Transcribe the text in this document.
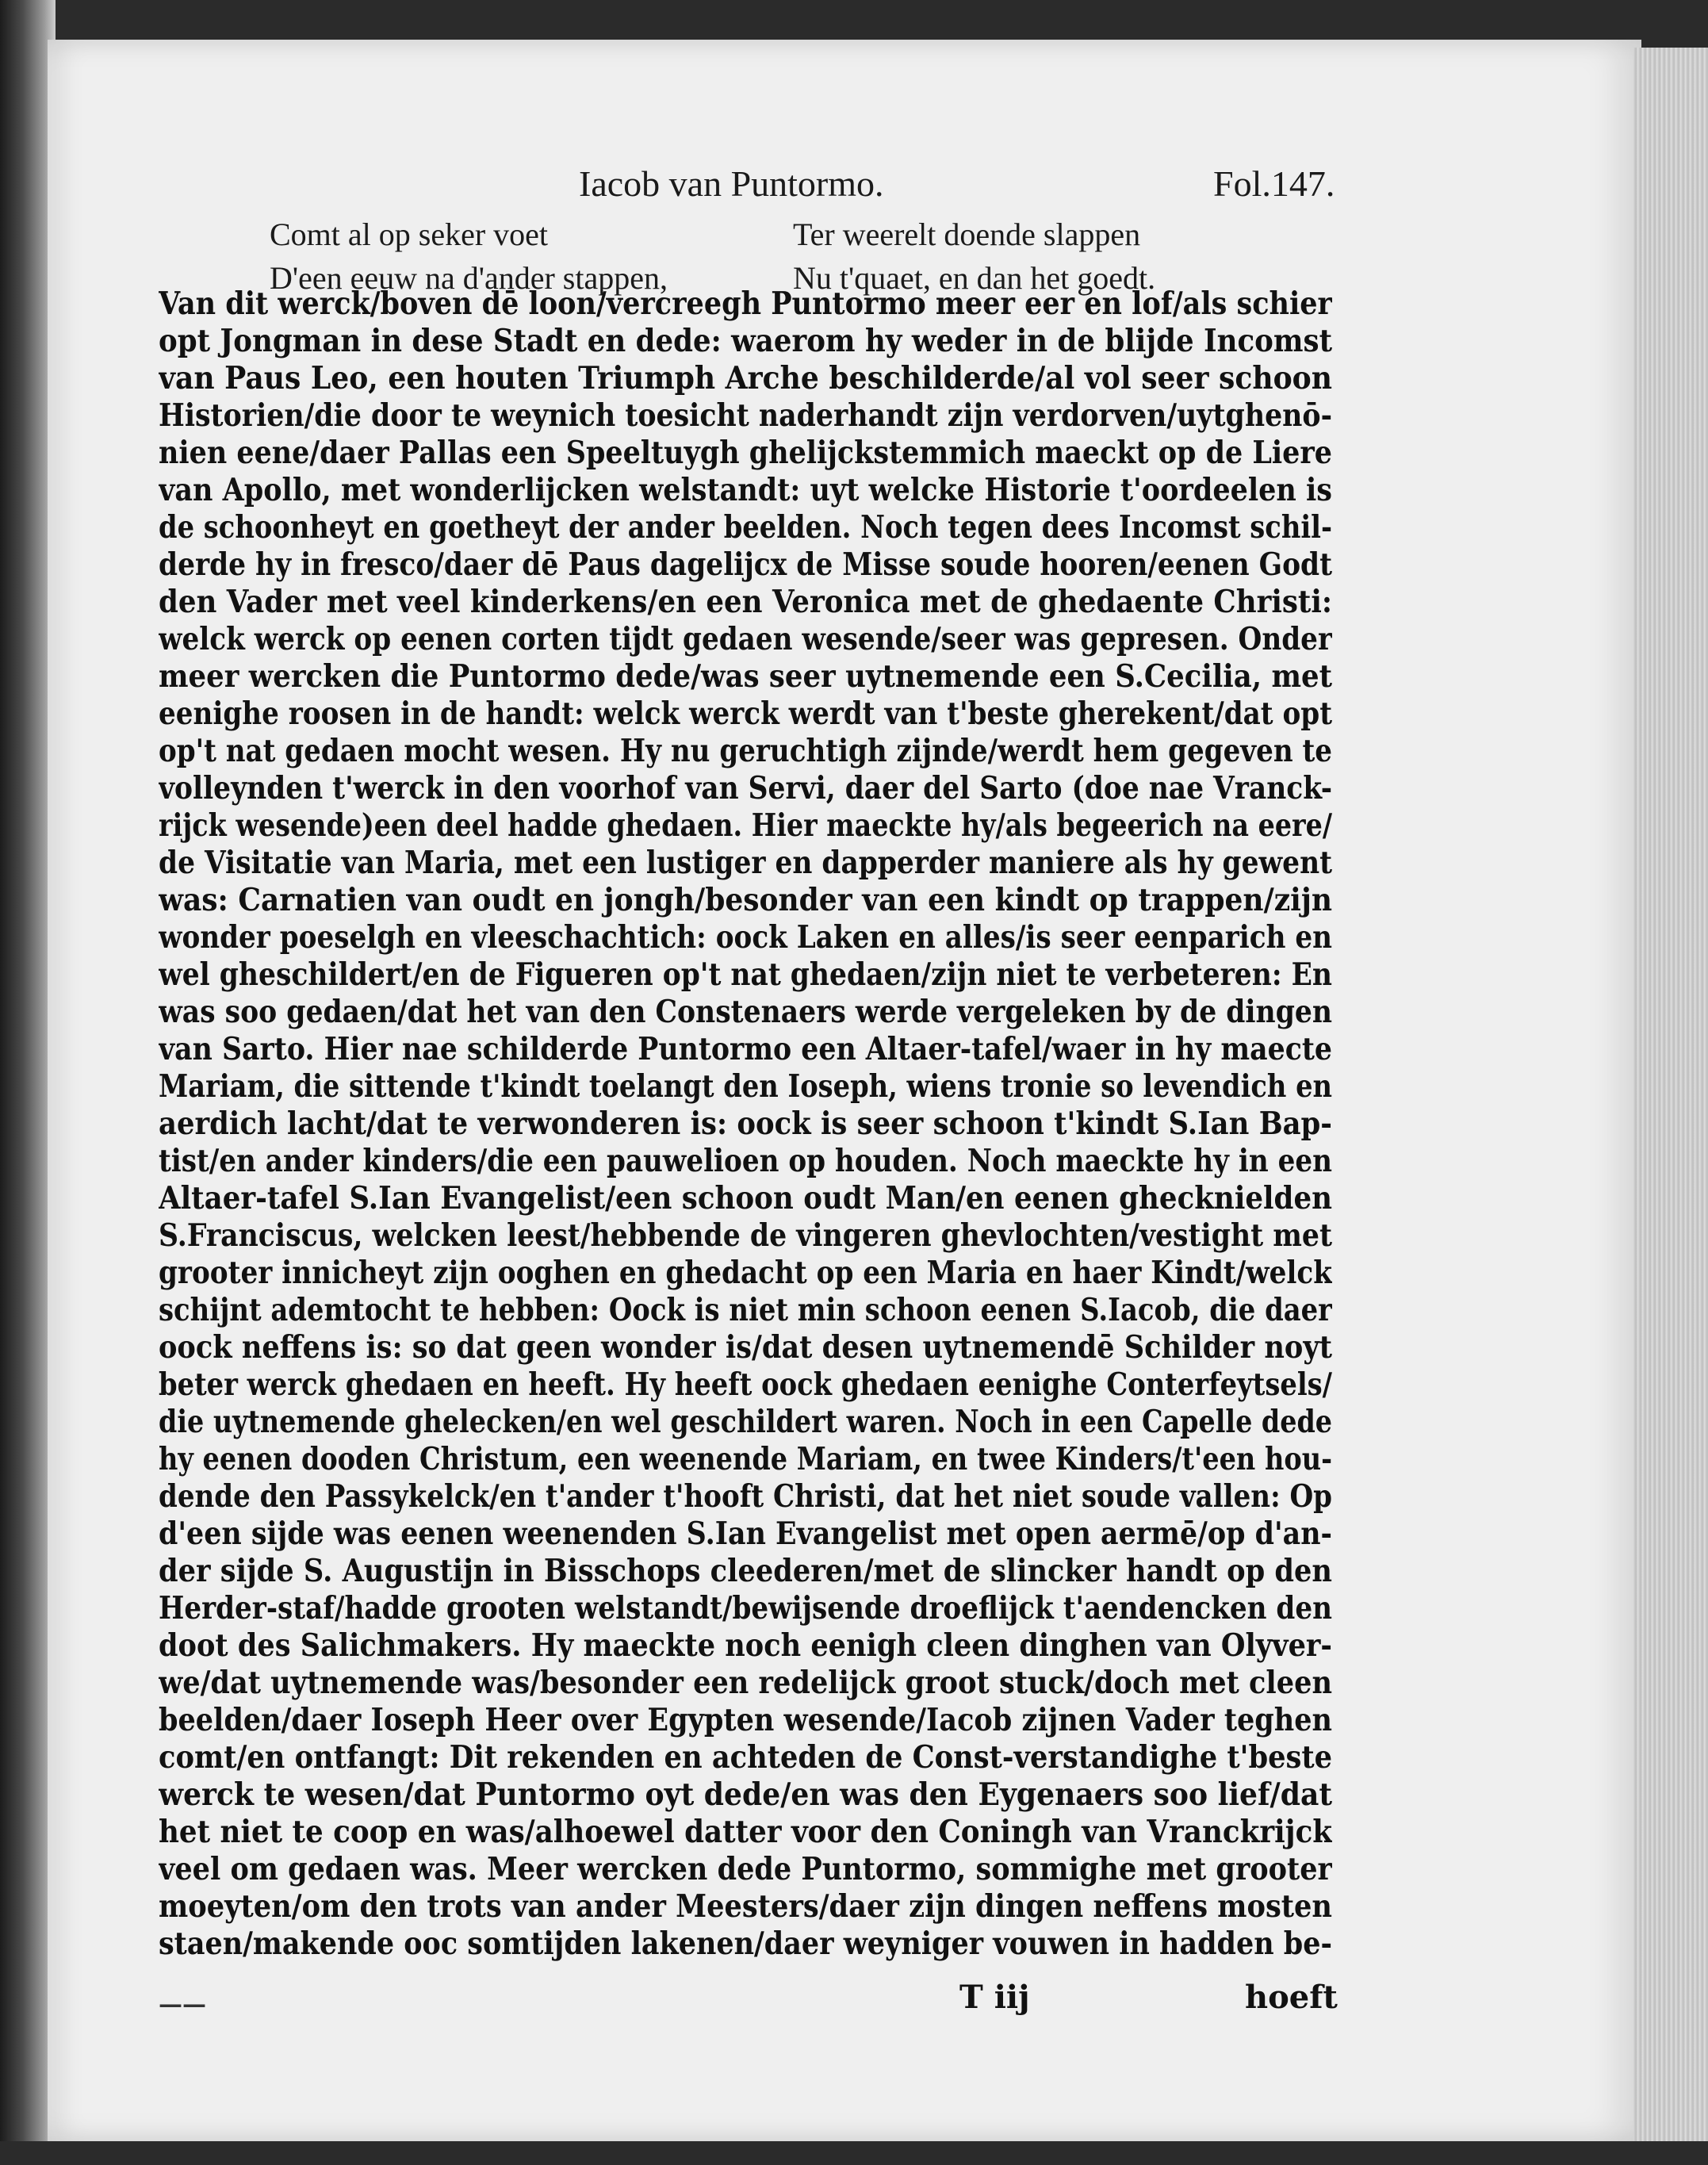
Iacob van Puntormo.	Fol.147.
Comt al op seker voet	Ter weerelt doende slappen
D'een eeuw na d'ander stappen,	Nu t'quaet, en dan het goedt.
Van dit werck/boven dē loon/vercreegh Puntormo meer eer en lof/als schier
opt Jongman in dese Stadt en dede: waerom hy weder in de blijde Incomst
van Paus Leo, een houten Triumph Arche beschilderde/al vol seer schoon
Historien/die door te weynich toesicht naderhandt zijn verdorven/uytghenō-
nien eene/daer Pallas een Speeltuygh ghelijckstemmich maeckt op de Liere
van Apollo, met wonderlijcken welstandt: uyt welcke Historie t'oordeelen is
de schoonheyt en goetheyt der ander beelden. Noch tegen dees Incomst schil-
derde hy in fresco/daer dē Paus dagelijcx de Misse soude hooren/eenen Godt
den Vader met veel kinderkens/en een Veronica met de ghedaente Christi:
welck werck op eenen corten tijdt gedaen wesende/seer was gepresen. Onder
meer wercken die Puntormo dede/was seer uytnemende een S.Cecilia, met
eenighe roosen in de handt: welck werck werdt van t'beste gherekent/dat opt
op't nat gedaen mocht wesen. Hy nu geruchtigh zijnde/werdt hem gegeven te
volleynden t'werck in den voorhof van Servi, daer del Sarto (doe nae Vranck-
rijck wesende)een deel hadde ghedaen. Hier maeckte hy/als begeerich na eere/
de Visitatie van Maria, met een lustiger en dapperder maniere als hy gewent
was: Carnatien van oudt en jongh/besonder van een kindt op trappen/zijn
wonder poeselgh en vleeschachtich: oock Laken en alles/is seer eenparich en
wel gheschildert/en de Figueren op't nat ghedaen/zijn niet te verbeteren: En
was soo gedaen/dat het van den Constenaers werde vergeleken by de dingen
van Sarto. Hier nae schilderde Puntormo een Altaer-tafel/waer in hy maecte
Mariam, die sittende t'kindt toelangt den Ioseph, wiens tronie so levendich en
aerdich lacht/dat te verwonderen is: oock is seer schoon t'kindt S.Ian Bap-
tist/en ander kinders/die een pauwelioen op houden. Noch maeckte hy in een
Altaer-tafel S.Ian Evangelist/een schoon oudt Man/en eenen ghecknielden
S.Franciscus, welcken leest/hebbende de vingeren ghevlochten/vestight met
grooter innicheyt zijn ooghen en ghedacht op een Maria en haer Kindt/welck
schijnt ademtocht te hebben: Oock is niet min schoon eenen S.Iacob, die daer
oock neffens is: so dat geen wonder is/dat desen uytnemendē Schilder noyt
beter werck ghedaen en heeft. Hy heeft oock ghedaen eenighe Conterfeytsels/
die uytnemende ghelecken/en wel geschildert waren. Noch in een Capelle dede
hy eenen dooden Christum, een weenende Mariam, en twee Kinders/t'een hou-
dende den Passykelck/en t'ander t'hooft Christi, dat het niet soude vallen: Op
d'een sijde was eenen weenenden S.Ian Evangelist met open aermē/op d'an-
der sijde S. Augustijn in Bisschops cleederen/met de slincker handt op den
Herder-staf/hadde grooten welstandt/bewijsende droeflijck t'aendencken den
doot des Salichmakers. Hy maeckte noch eenigh cleen dinghen van Olyver-
we/dat uytnemende was/besonder een redelijck groot stuck/doch met cleen
beelden/daer Ioseph Heer over Egypten wesende/Iacob zijnen Vader teghen
comt/en ontfangt: Dit rekenden en achteden de Const-verstandighe t'beste
werck te wesen/dat Puntormo oyt dede/en was den Eygenaers soo lief/dat
het niet te coop en was/alhoewel datter voor den Coningh van Vranckrijck
veel om gedaen was. Meer wercken dede Puntormo, sommighe met grooter
moeyten/om den trots van ander Meesters/daer zijn dingen neffens mosten
staen/makende ooc somtijden lakenen/daer weyniger vouwen in hadden be-
——	T iij	hoeft
